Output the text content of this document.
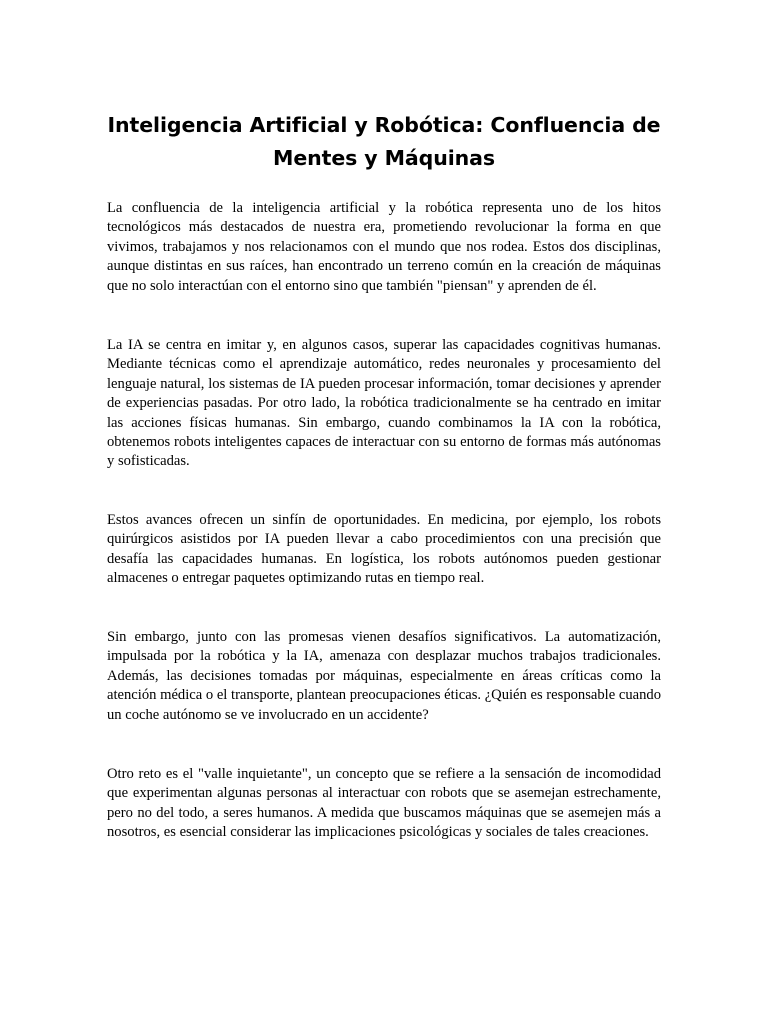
Inteligencia Artificial y Robótica: Confluencia de Mentes y Máquinas

La confluencia de la inteligencia artificial y la robótica representa uno de los hitos tecnológicos más destacados de nuestra era, prometiendo revolucionar la forma en que vivimos, trabajamos y nos relacionamos con el mundo que nos rodea. Estos dos disciplinas, aunque distintas en sus raíces, han encontrado un terreno común en la creación de máquinas que no solo interactúan con el entorno sino que también "piensan" y aprenden de él.

La IA se centra en imitar y, en algunos casos, superar las capacidades cognitivas humanas. Mediante técnicas como el aprendizaje automático, redes neuronales y procesamiento del lenguaje natural, los sistemas de IA pueden procesar información, tomar decisiones y aprender de experiencias pasadas. Por otro lado, la robótica tradicionalmente se ha centrado en imitar las acciones físicas humanas. Sin embargo, cuando combinamos la IA con la robótica, obtenemos robots inteligentes capaces de interactuar con su entorno de formas más autónomas y sofisticadas.

Estos avances ofrecen un sinfín de oportunidades. En medicina, por ejemplo, los robots quirúrgicos asistidos por IA pueden llevar a cabo procedimientos con una precisión que desafía las capacidades humanas. En logística, los robots autónomos pueden gestionar almacenes o entregar paquetes optimizando rutas en tiempo real.

Sin embargo, junto con las promesas vienen desafíos significativos. La automatización, impulsada por la robótica y la IA, amenaza con desplazar muchos trabajos tradicionales. Además, las decisiones tomadas por máquinas, especialmente en áreas críticas como la atención médica o el transporte, plantean preocupaciones éticas. ¿Quién es responsable cuando un coche autónomo se ve involucrado en un accidente?

Otro reto es el "valle inquietante", un concepto que se refiere a la sensación de incomodidad que experimentan algunas personas al interactuar con robots que se asemejan estrechamente, pero no del todo, a seres humanos. A medida que buscamos máquinas que se asemejen más a nosotros, es esencial considerar las implicaciones psicológicas y sociales de tales creaciones.
